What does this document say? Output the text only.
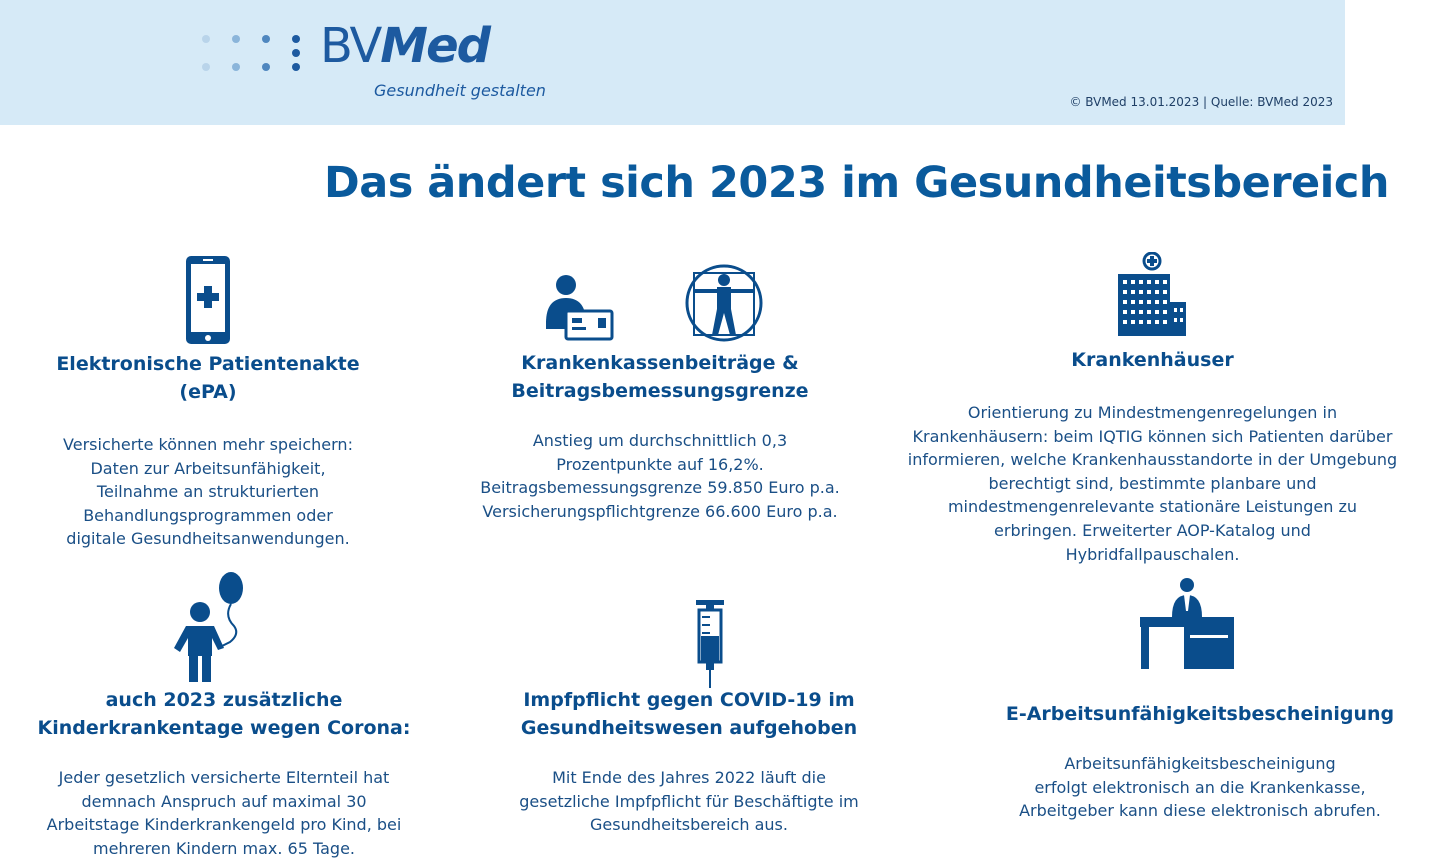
BVMed
Gesundheit gestalten
© BVMed 13.01.2023 | Quelle: BVMed 2023
Das ändert sich 2023 im Gesundheitsbereich
Elektronische Patientenakte
(ePA)

Versicherte können mehr speichern:
Daten zur Arbeitsunfähigkeit,
Teilnahme an strukturierten
Behandlungsprogrammen oder
digitale Gesundheitsanwendungen.

Krankenkassenbeiträge &
Beitragsbemessungsgrenze

Anstieg um durchschnittlich 0,3
Prozentpunkte auf 16,2%.
Beitragsbemessungsgrenze 59.850 Euro p.a.
Versicherungspflichtgrenze 66.600 Euro p.a.

Krankenhäuser

Orientierung zu Mindestmengenregelungen in
Krankenhäusern: beim IQTIG können sich Patienten darüber
informieren, welche Krankenhausstandorte in der Umgebung
berechtigt sind, bestimmte planbare und
mindestmengenrelevante stationäre Leistungen zu
erbringen. Erweiterter AOP-Katalog und
Hybridfallpauschalen.

auch 2023 zusätzliche
Kinderkrankentage wegen Corona:

Jeder gesetzlich versicherte Elternteil hat
demnach Anspruch auf maximal 30
Arbeitstage Kinderkrankengeld pro Kind, bei
mehreren Kindern max. 65 Tage.

Impfpflicht gegen COVID-19 im
Gesundheitswesen aufgehoben

Mit Ende des Jahres 2022 läuft die
gesetzliche Impfpflicht für Beschäftigte im
Gesundheitsbereich aus.

E-Arbeitsunfähigkeitsbescheinigung

Arbeitsunfähigkeitsbescheinigung
erfolgt elektronisch an die Krankenkasse,
Arbeitgeber kann diese elektronisch abrufen.
